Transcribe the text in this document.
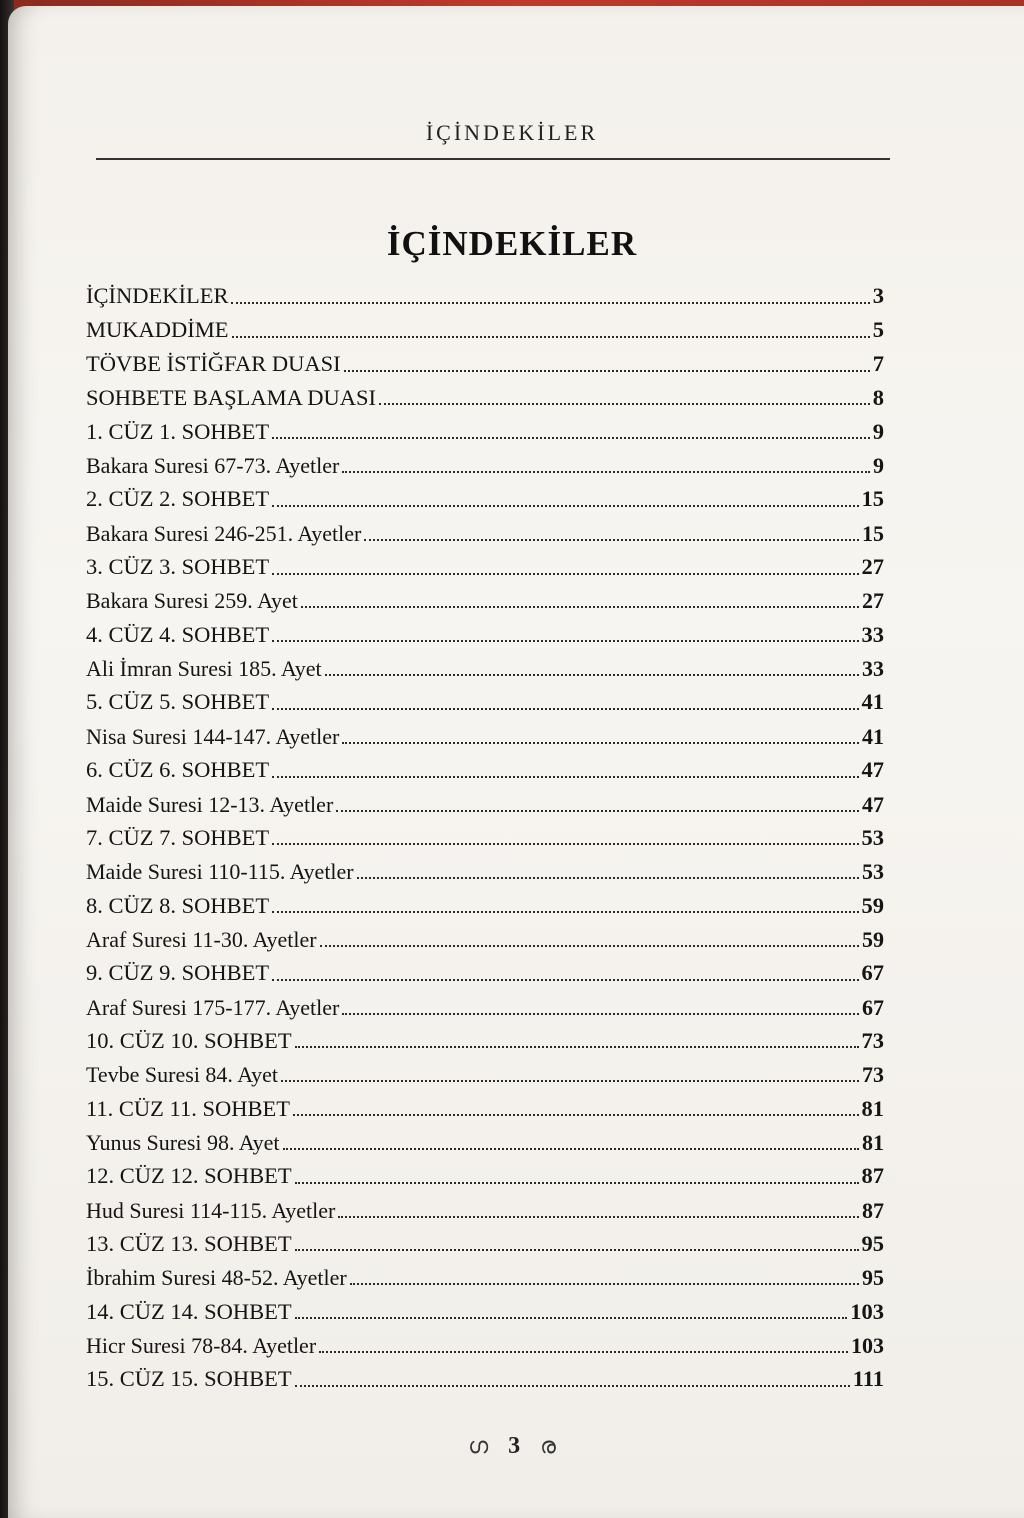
İÇİNDEKİLER
İÇİNDEKİLER
İÇİNDEKİLER	3
MUKADDİME	5
TÖVBE İSTİĞFAR DUASI	7
SOHBETE BAŞLAMA DUASI	8
1. CÜZ 1. SOHBET	9
Bakara Suresi 67-73. Ayetler	9
2. CÜZ 2. SOHBET	15
Bakara Suresi 246-251. Ayetler	15
3. CÜZ 3. SOHBET	27
Bakara Suresi 259. Ayet	27
4. CÜZ 4. SOHBET	33
Ali İmran Suresi 185. Ayet	33
5. CÜZ 5. SOHBET	41
Nisa Suresi 144-147. Ayetler	41
6. CÜZ 6. SOHBET	47
Maide Suresi 12-13. Ayetler	47
7. CÜZ 7. SOHBET	53
Maide Suresi 110-115. Ayetler	53
8. CÜZ 8. SOHBET	59
Araf Suresi 11-30. Ayetler	59
9. CÜZ 9. SOHBET	67
Araf Suresi 175-177. Ayetler	67
10. CÜZ 10. SOHBET	73
Tevbe Suresi 84. Ayet	73
11. CÜZ 11. SOHBET	81
Yunus Suresi 98. Ayet	81
12. CÜZ 12. SOHBET	87
Hud Suresi 114-115. Ayetler	87
13. CÜZ 13. SOHBET	95
İbrahim Suresi 48-52. Ayetler	95
14. CÜZ 14. SOHBET	103
Hicr Suresi 78-84. Ayetler	103
15. CÜZ 15. SOHBET	111
ഗ 3 ര
